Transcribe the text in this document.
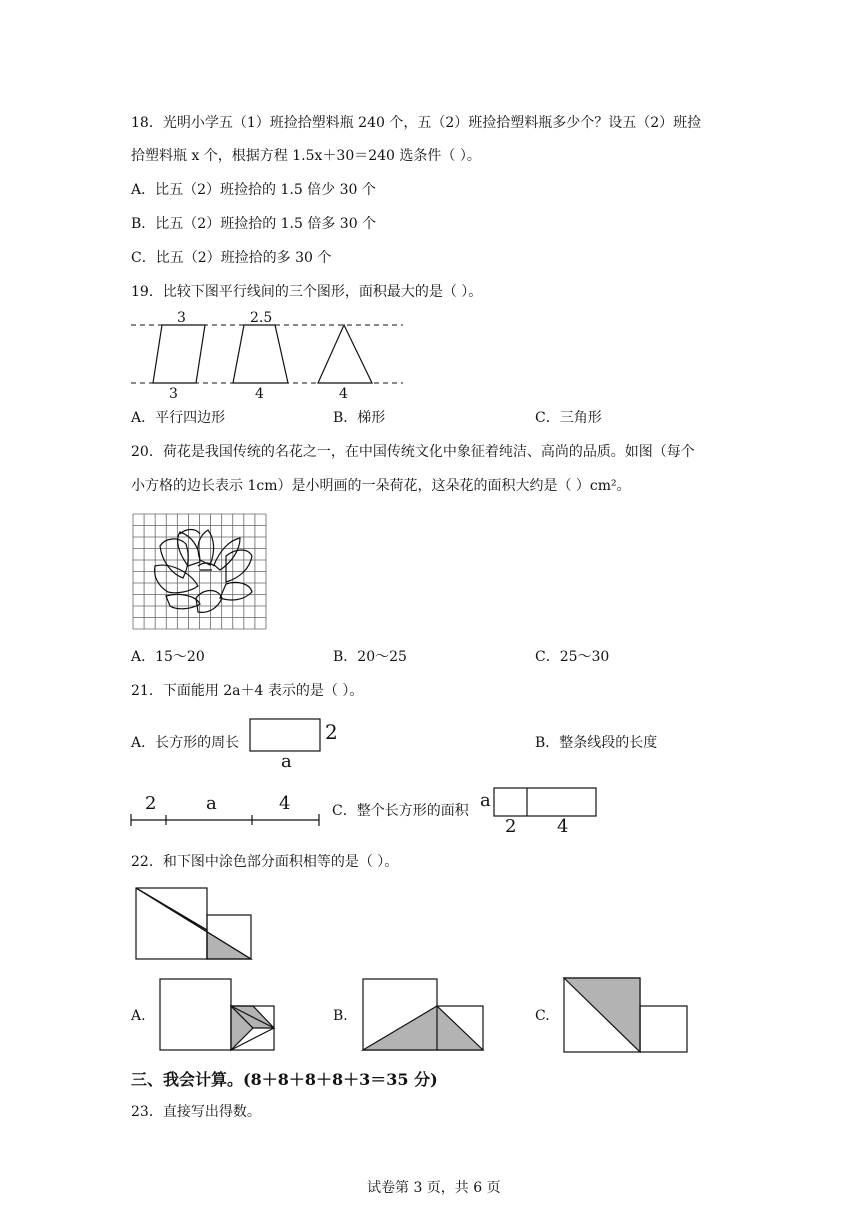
18．光明小学五（1）班捡拾塑料瓶 240 个，五（2）班捡拾塑料瓶多少个？设五（2）班捡
拾塑料瓶 x 个，根据方程 1.5x＋30＝240 选条件（ ）。
A．比五（2）班捡拾的 1.5 倍少 30 个
B．比五（2）班捡拾的 1.5 倍多 30 个
C．比五（2）班捡拾的多 30 个
19．比较下图平行线间的三个图形，面积最大的是（ ）。
3
3
2.5
4	4
A．平行四边形	B．梯形	C．三角形
20．荷花是我国传统的名花之一，在中国传统文化中象征着纯洁、高尚的品质。如图（每个
小方格的边长表示 1cm）是小明画的一朵荷花，这朵花的面积大约是（ ）cm²。
A．15～20	B．20～25	C．25～30
21．下面能用 2a＋4 表示的是（ ）。
A．长方形的周长	2
a
B．整条线段的长度
2	a	4	C．整个长方形的面积 a
2 4
22．和下图中涂色部分面积相等的是（ ）。
A.	B.	C.
三、我会计算。(8＋8＋8＋8＋3＝35 分)
23．直接写出得数。
试卷第 3 页，共 6 页
